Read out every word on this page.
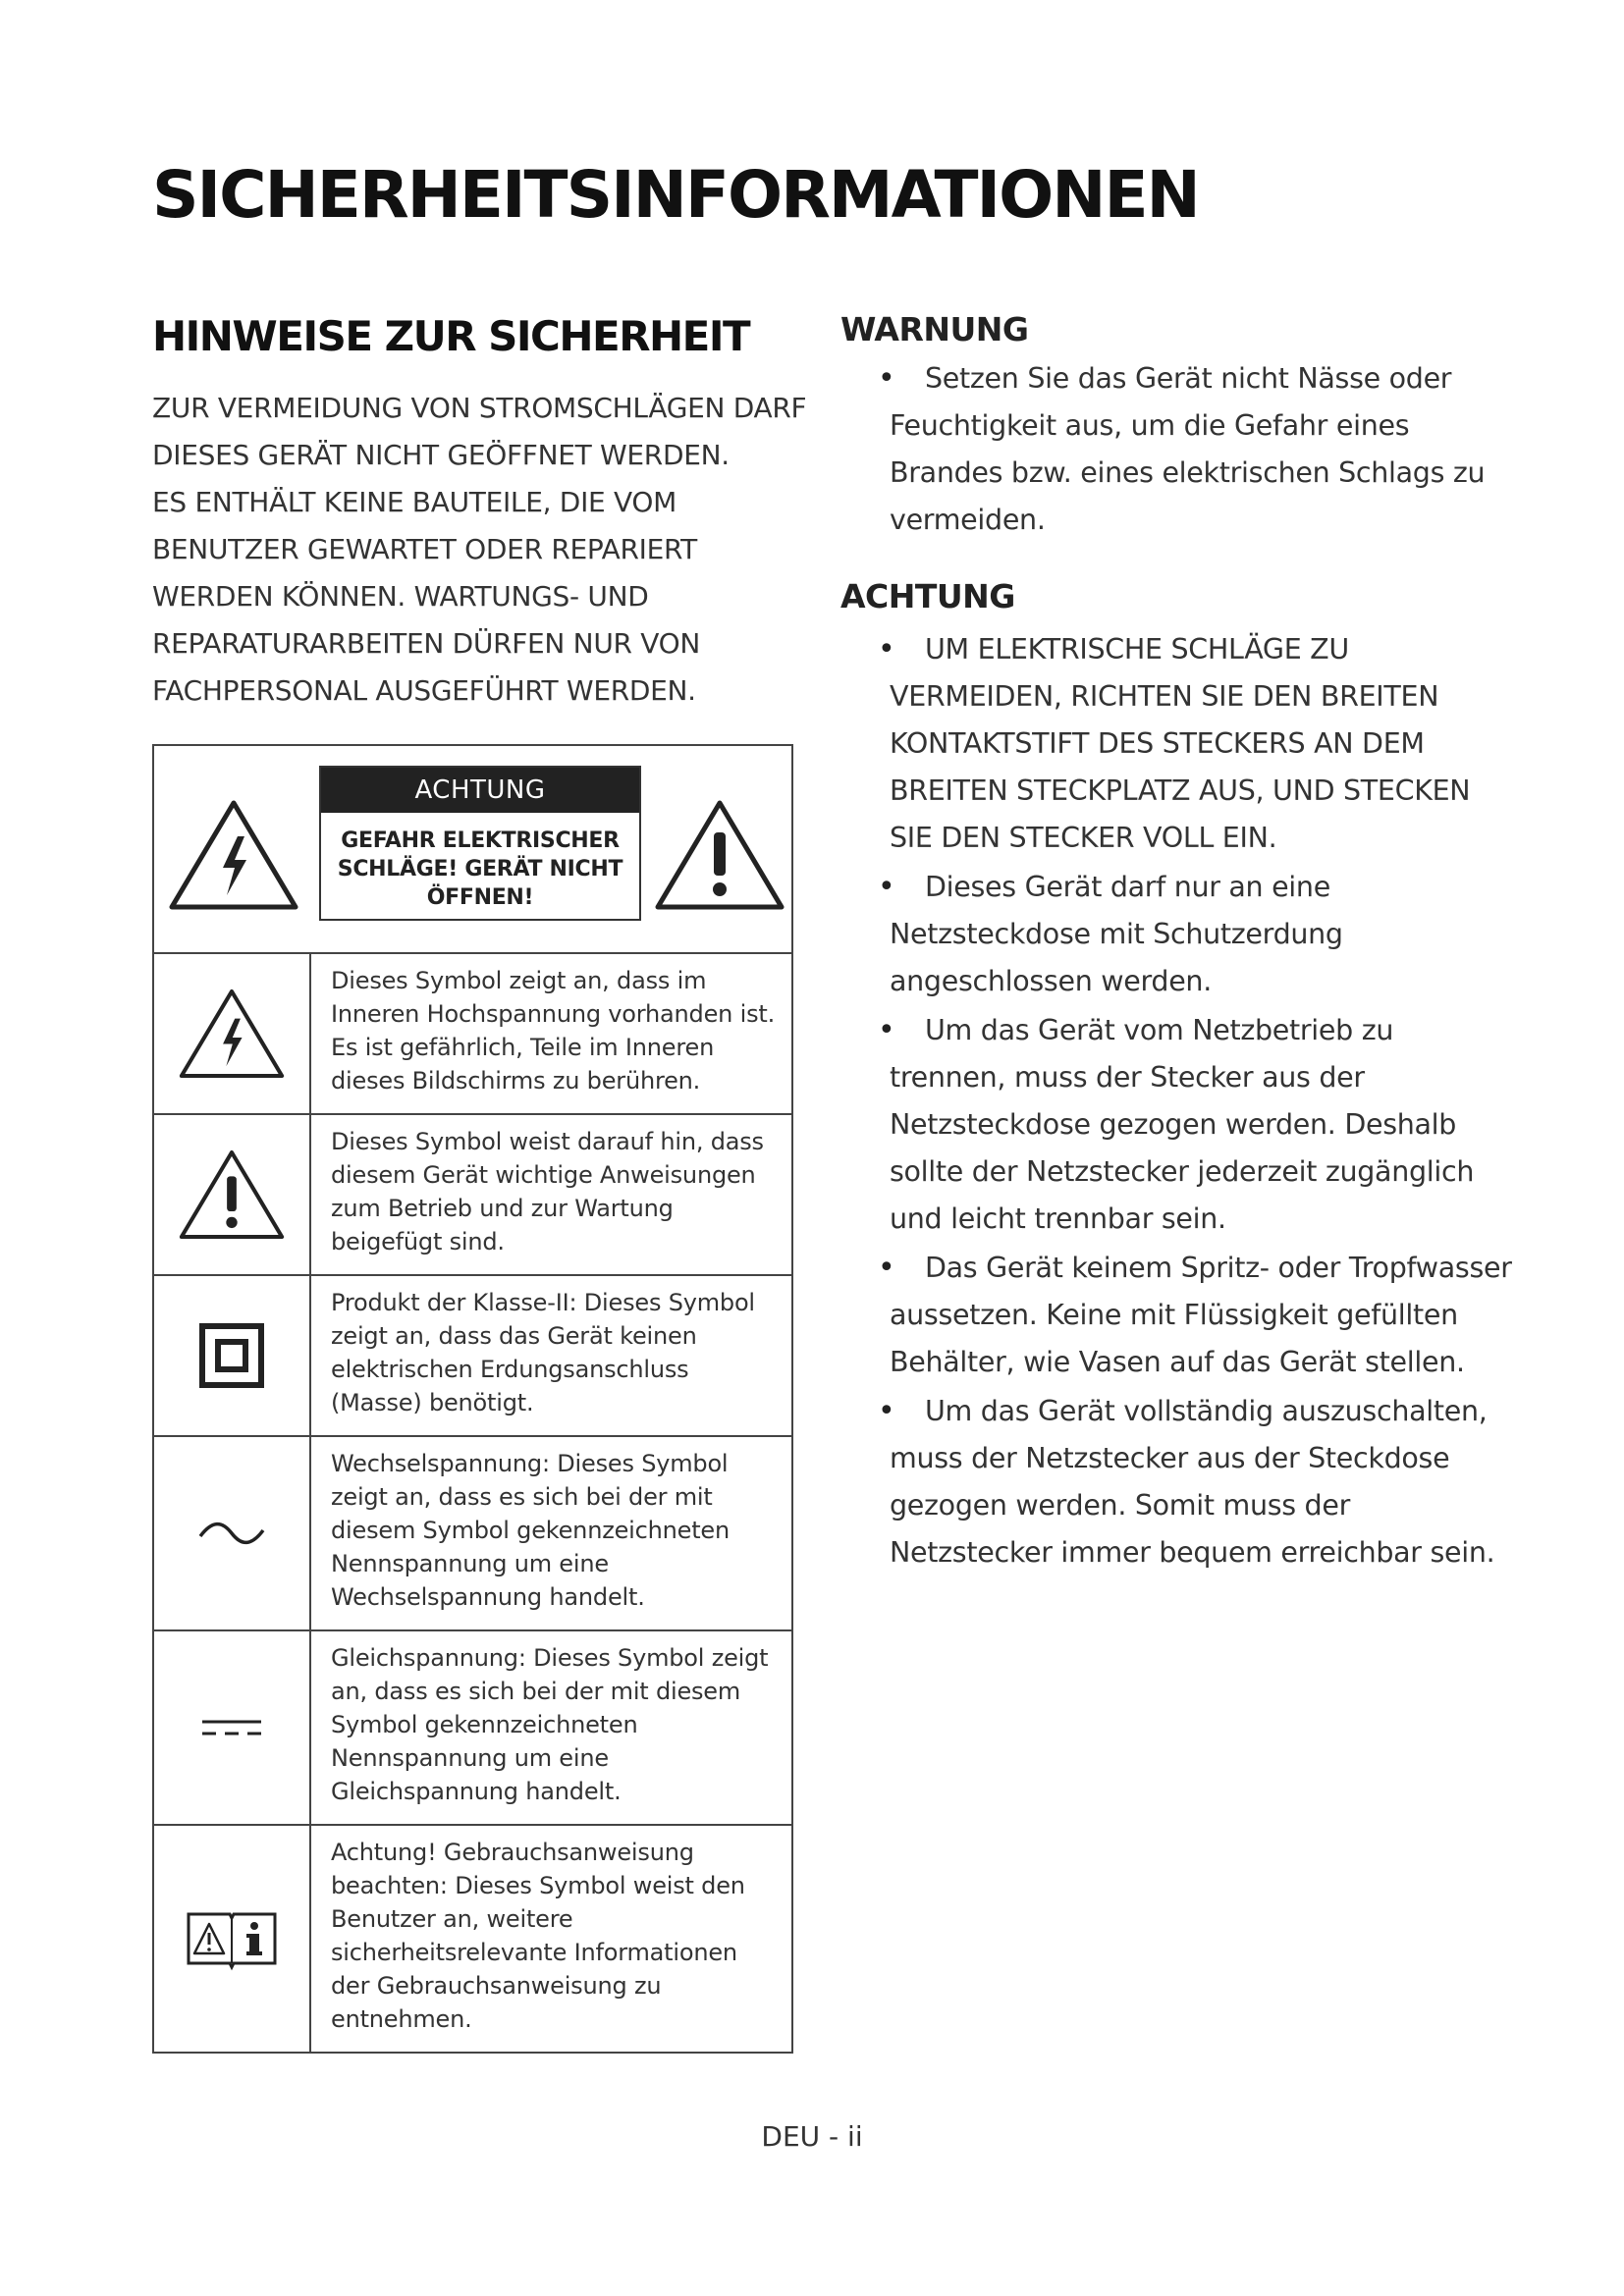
SICHERHEITSINFORMATIONEN
HINWEISE ZUR SICHERHEIT

ZUR VERMEIDUNG VON STROMSCHLÄGEN DARF DIESES GERÄT NICHT GEÖFFNET WERDEN.

ES ENTHÄLT KEINE BAUTEILE, DIE VOM BENUTZER GEWARTET ODER REPARIERT WERDEN KÖNNEN. WARTUNGS- UND REPARATURARBEITEN DÜRFEN NUR VON FACHPERSONAL AUSGEFÜHRT WERDEN.

ACHTUNG
GEFAHR ELEKTRISCHER SCHLÄGE! GERÄT NICHT ÖFFNEN!
Dieses Symbol zeigt an, dass im Inneren Hochspannung vorhanden ist. Es ist gefährlich, Teile im Inneren dieses Bildschirms zu berühren.
Dieses Symbol weist darauf hin, dass diesem Gerät wichtige Anweisungen zum Betrieb und zur Wartung beigefügt sind.
Produkt der Klasse-II: Dieses Symbol zeigt an, dass das Gerät keinen elektrischen Erdungsanschluss (Masse) benötigt.
Wechselspannung: Dieses Symbol zeigt an, dass es sich bei der mit diesem Symbol gekennzeichneten Nennspannung um eine Wechselspannung handelt.
Gleichspannung: Dieses Symbol zeigt an, dass es sich bei der mit diesem Symbol gekennzeichneten Nennspannung um eine Gleichspannung handelt.
Achtung! Gebrauchsanweisung beachten: Dieses Symbol weist den Benutzer an, weitere sicherheitsrelevante Informationen der Gebrauchsanweisung zu entnehmen.
WARNUNG
• Setzen Sie das Gerät nicht Nässe oder Feuchtigkeit aus, um die Gefahr eines Brandes bzw. eines elektrischen Schlags zu vermeiden.
ACHTUNG
• UM ELEKTRISCHE SCHLÄGE ZU VERMEIDEN, RICHTEN SIE DEN BREITEN KONTAKTSTIFT DES STECKERS AN DEM BREITEN STECKPLATZ AUS, UND STECKEN SIE DEN STECKER VOLL EIN.
• Dieses Gerät darf nur an eine Netzsteckdose mit Schutzerdung angeschlossen werden.
• Um das Gerät vom Netzbetrieb zu trennen, muss der Stecker aus der Netzsteckdose gezogen werden. Deshalb sollte der Netzstecker jederzeit zugänglich und leicht trennbar sein.
• Das Gerät keinem Spritz- oder Tropfwasser aussetzen. Keine mit Flüssigkeit gefüllten Behälter, wie Vasen auf das Gerät stellen.
• Um das Gerät vollständig auszuschalten, muss der Netzstecker aus der Steckdose gezogen werden. Somit muss der Netzstecker immer bequem erreichbar sein.
DEU - ii
